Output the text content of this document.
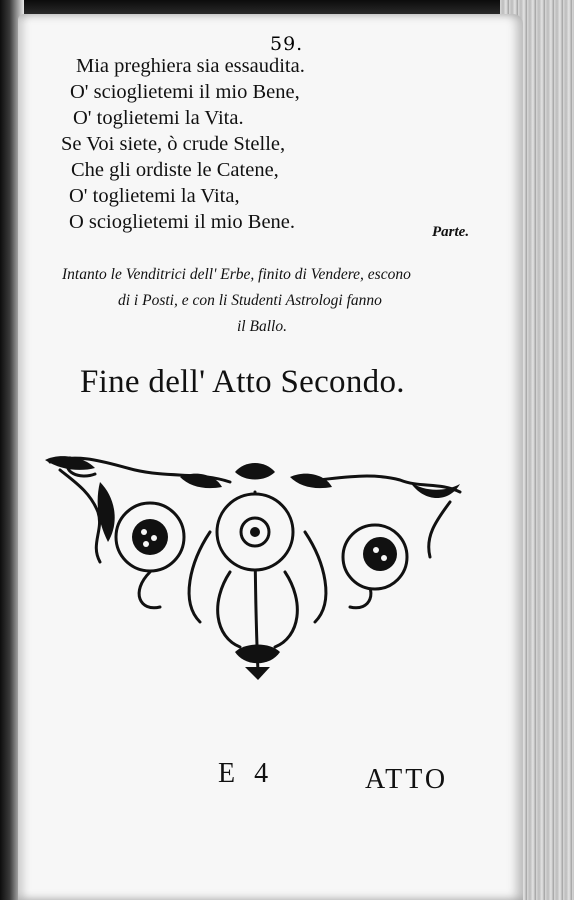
59.
Mia preghiera sia essaudita.
O' scioglietemi il mio Bene,
O' toglietemi la Vita.
Se Voi siete, ò crude Stelle,
Che gli ordiste le Catene,
O' toglietemi la Vita,
O scioglietemi il mio Bene.	Parte.
Intanto le Venditrici dell' Erbe, finito di Vendere, escono
di i Posti, e con li Studenti Astrologi fanno
il Ballo.
Fine dell' Atto Secondo.
E 4	ATTO
